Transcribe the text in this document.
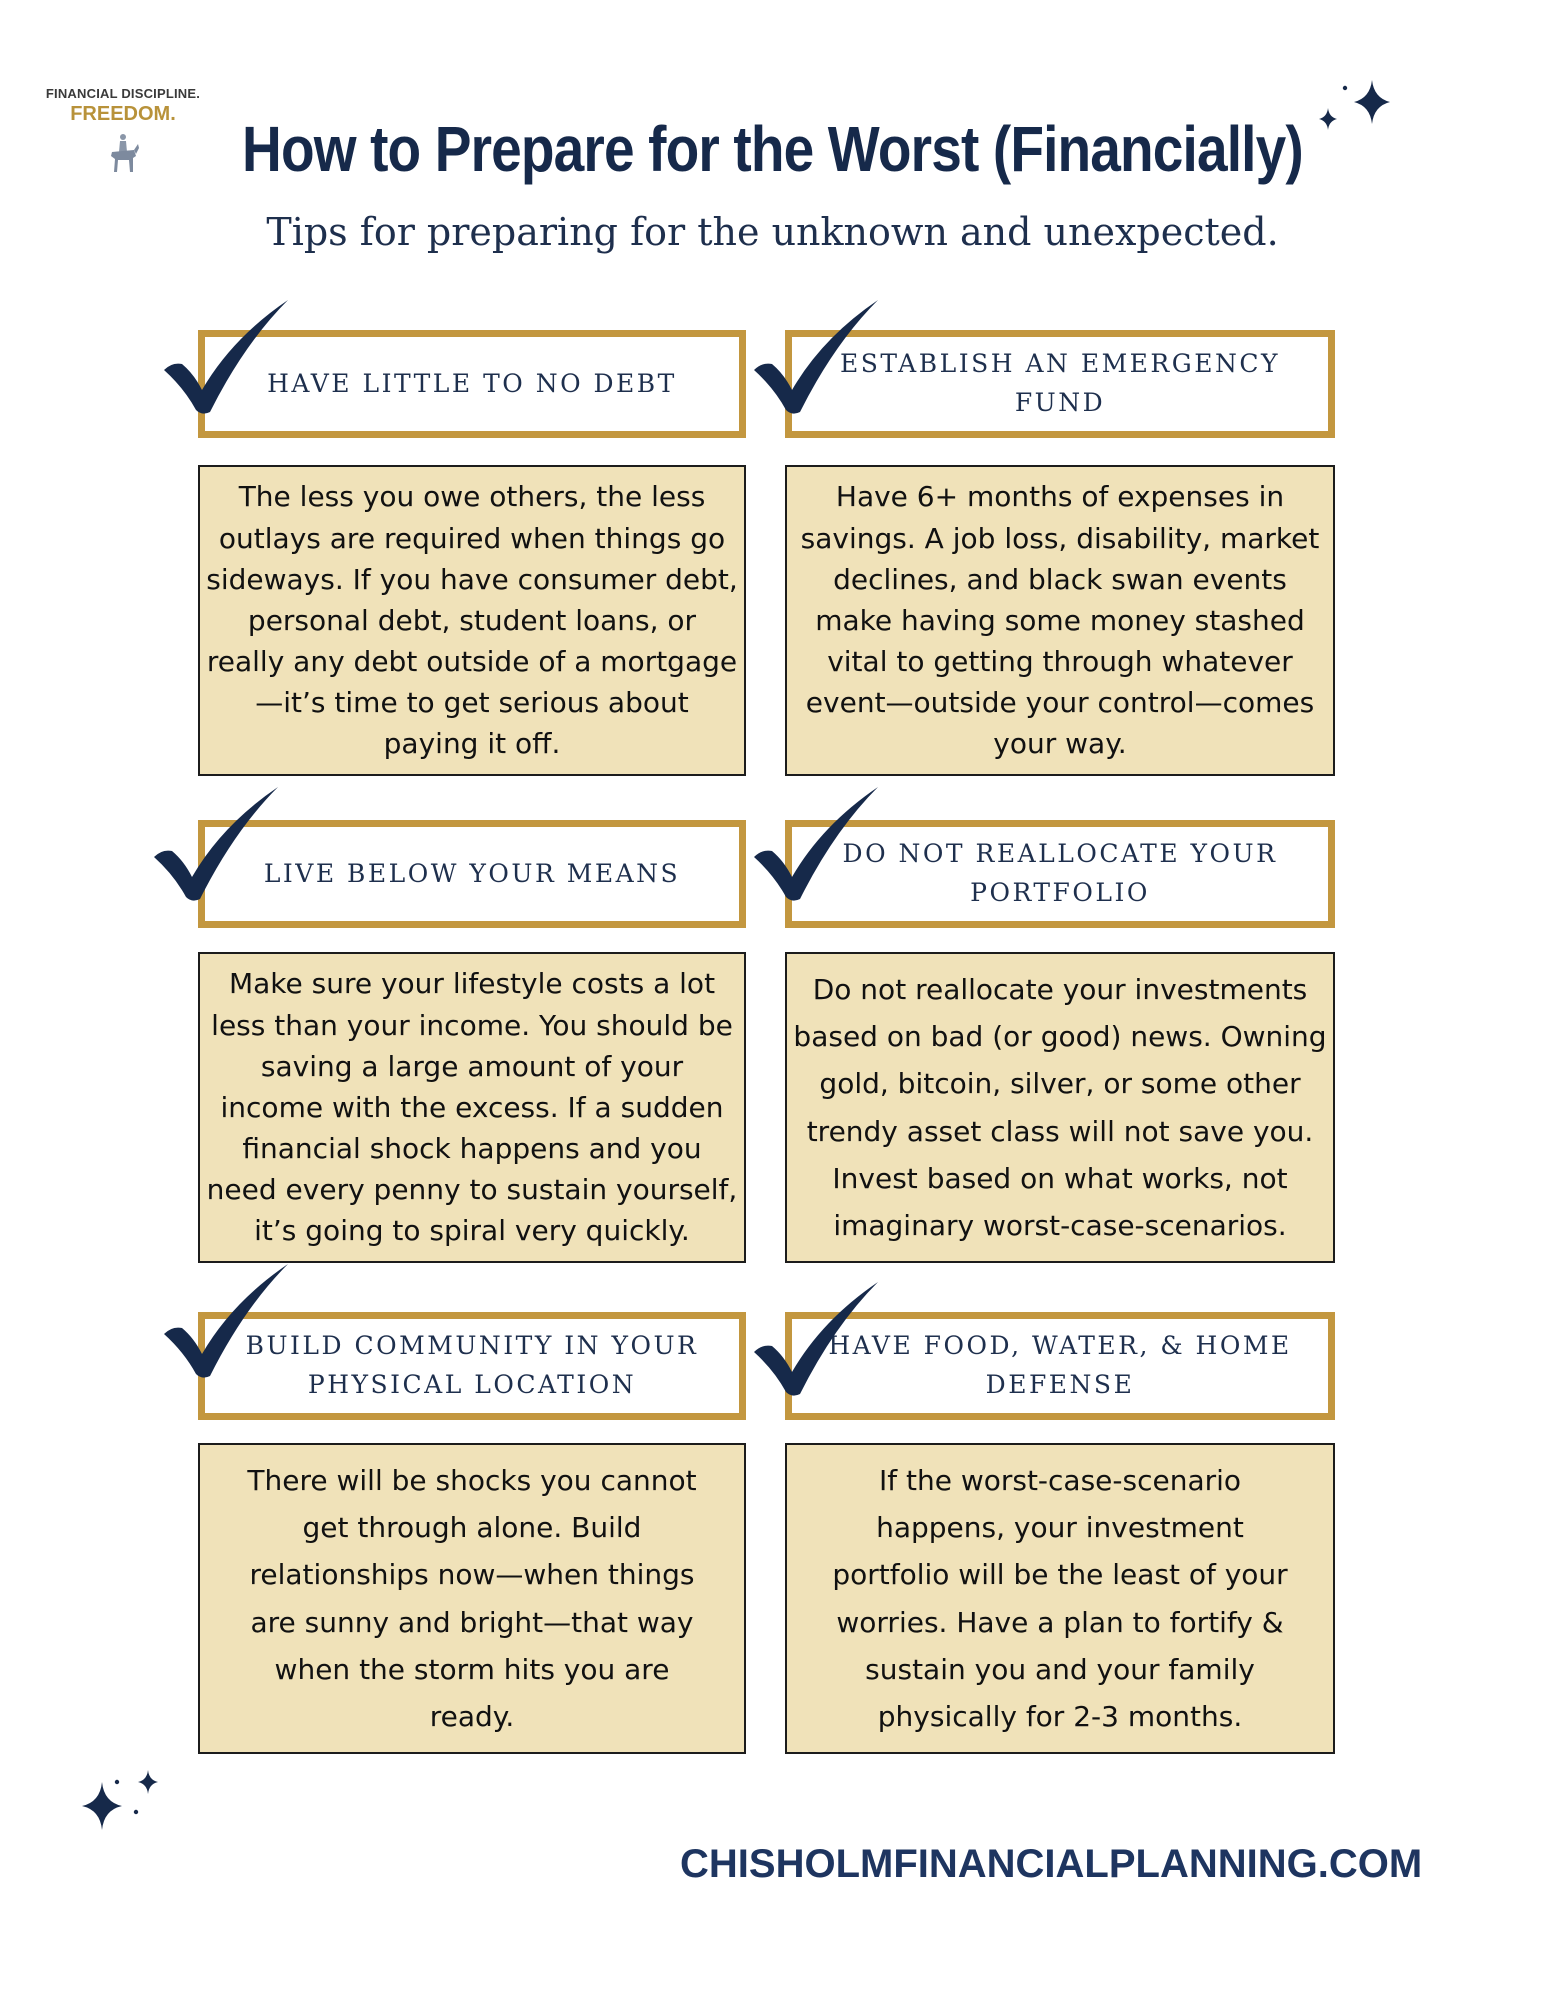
FINANCIAL DISCIPLINE.
FREEDOM.	How to Prepare for the Worst (Financially)
Tips for preparing for the unknown and unexpected.
HAVE LITTLE TO NO DEBT
The less you owe others, the less outlays are required when things go sideways. If you have consumer debt, personal debt, student loans, or really any debt outside of a mortgage—it’s time to get serious about paying it off.
ESTABLISH AN EMERGENCY FUND
Have 6+ months of expenses in savings. A job loss, disability, market declines, and black swan events make having some money stashed vital to getting through whatever event—outside your control—comes your way.
LIVE BELOW YOUR MEANS
Make sure your lifestyle costs a lot less than your income. You should be saving a large amount of your income with the excess. If a sudden financial shock happens and you need every penny to sustain yourself, it’s going to spiral very quickly.
DO NOT REALLOCATE YOUR PORTFOLIO
Do not reallocate your investments based on bad (or good) news. Owning gold, bitcoin, silver, or some other trendy asset class will not save you. Invest based on what works, not imaginary worst-case-scenarios.
BUILD COMMUNITY IN YOUR PHYSICAL LOCATION
There will be shocks you cannot get through alone. Build relationships now—when things are sunny and bright—that way when the storm hits you are ready.
HAVE FOOD, WATER, & HOME DEFENSE
If the worst-case-scenario happens, your investment portfolio will be the least of your worries. Have a plan to fortify & sustain you and your family physically for 2-3 months.
CHISHOLMFINANCIALPLANNING.COM
